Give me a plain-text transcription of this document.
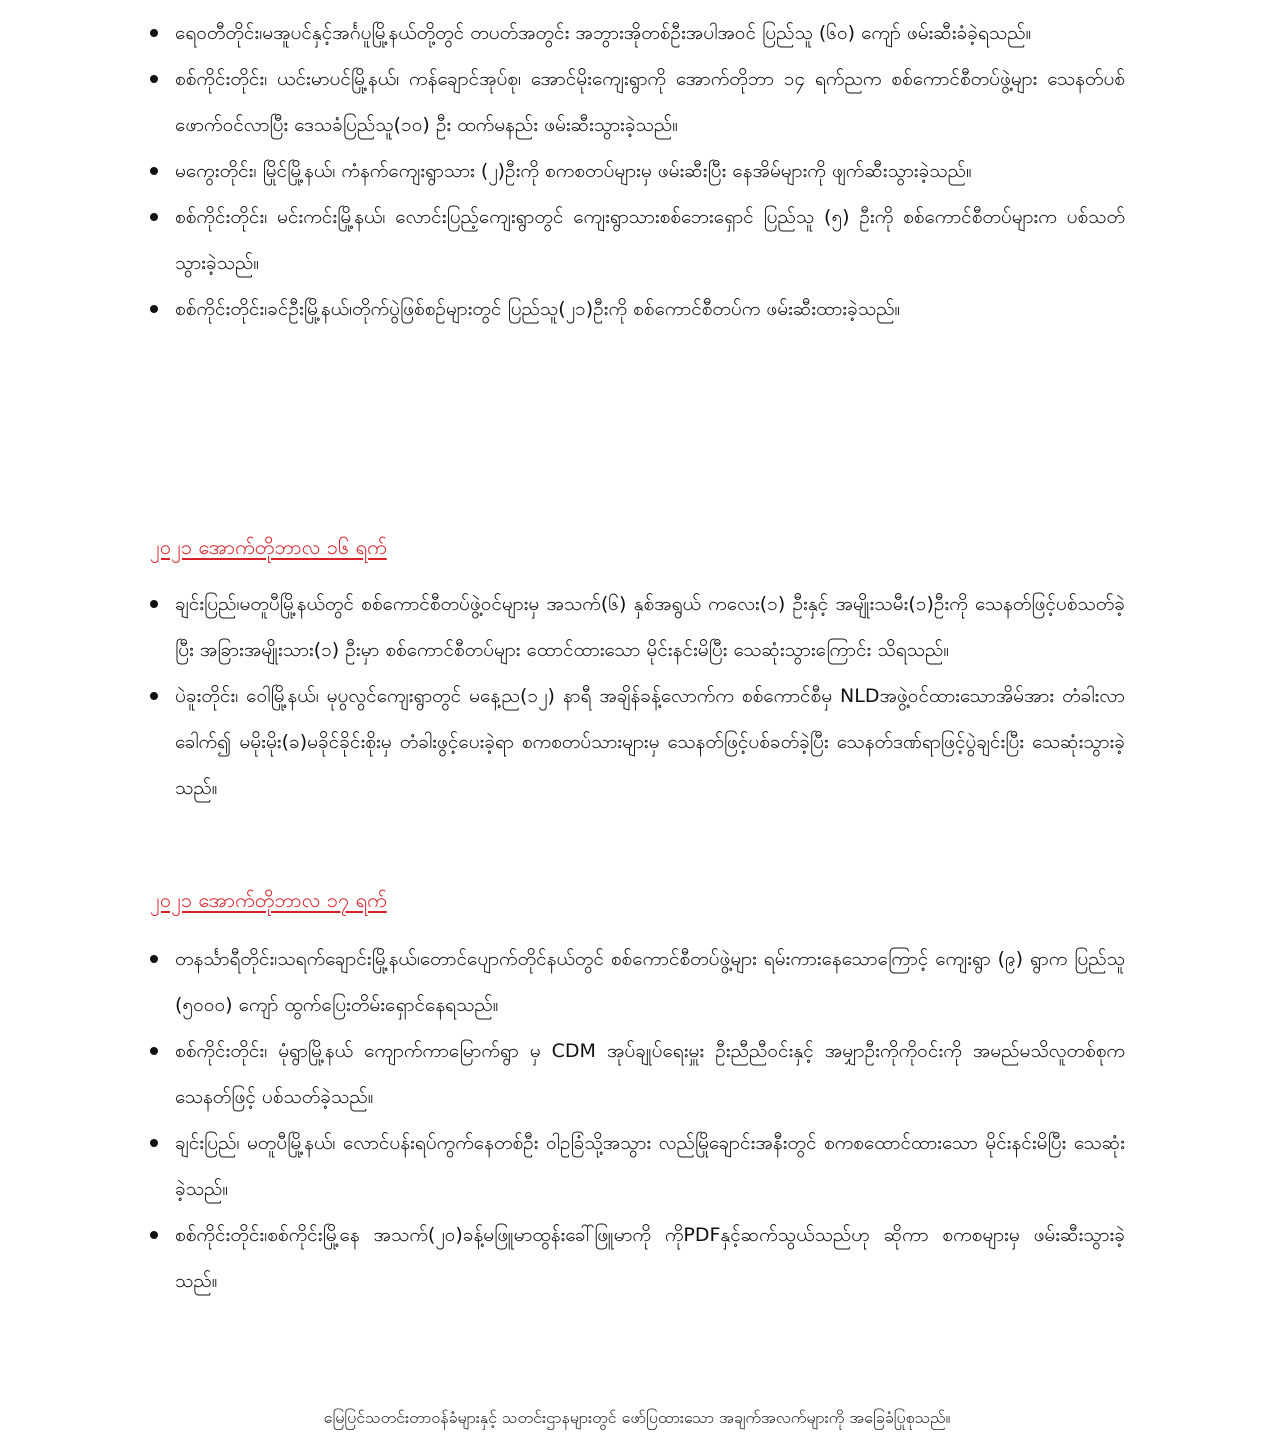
ရေဝတီတိုင်း၊မအူပင်နှင့်အင်္ဂပူမြို့နယ်တို့တွင် တပတ်အတွင်း အဘွားအိုတစ်ဦးအပါအဝင် ပြည်သူ (၆၀) ကျော် ဖမ်းဆီးခံခဲ့ရသည်။
စစ်ကိုင်းတိုင်း၊ ယင်းမာပင်မြို့နယ်၊ ကန်ချောင်အုပ်စု၊ အောင်မိုးကျေးရွာကို အောက်တိုဘာ ၁၄ ရက်ညက စစ်ကောင်စီတပ်ဖွဲ့များ သေနတ်ပစ်ဖောက်ဝင်လာပြီး ဒေသခံပြည်သူ(၁၀) ဦး ထက်မနည်း ဖမ်းဆီးသွားခဲ့သည်။
မကွေးတိုင်း၊ မြိုင်မြို့နယ်၊ ကံနက်ကျေးရွာသား (၂)ဦးကို စကစတပ်များမှ ဖမ်းဆီးပြီး နေအိမ်များကို ဖျက်ဆီးသွားခဲ့သည်။
စစ်ကိုင်းတိုင်း၊ မင်းကင်းမြို့နယ်၊ လောင်းပြည့်ကျေးရွာတွင် ကျေးရွာသားစစ်ဘေးရှောင် ပြည်သူ (၅) ဦးကို စစ်ကောင်စီတပ်များက ပစ်သတ်သွားခဲ့သည်။
စစ်ကိုင်းတိုင်း၊ခင်ဦးမြို့နယ်၊တိုက်ပွဲဖြစ်စဉ်များတွင် ပြည်သူ(၂၁)ဦးကို စစ်ကောင်စီတပ်က ဖမ်းဆီးထားခဲ့သည်။
၂၀၂၁ အောက်တိုဘာလ ၁၆ ရက်
ချင်းပြည်၊မတူပီမြို့နယ်တွင် စစ်ကောင်စီတပ်ဖွဲ့ဝင်များမှ အသက်(၆) နှစ်အရွယ် ကလေး(၁) ဦးနှင့် အမျိုးသမီး(၁)ဦးကို သေနတ်ဖြင့်ပစ်သတ်ခဲ့ပြီး အခြားအမျိုးသား(၁) ဦးမှာ စစ်ကောင်စီတပ်များ ထောင်ထားသော မိုင်းနင်းမိပြီး သေဆုံးသွားကြောင်း သိရသည်။
ပဲခူးတိုင်း၊ ဝေါမြို့နယ်၊ မုပွလွင်ကျေးရွာတွင် မနေ့ည(၁၂) နာရီ အချိန်ခန့်လောက်က စစ်ကောင်စီမှ NLDအဖွဲ့ဝင်ထားသောအိမ်အား တံခါးလာခေါက်၍ မမိုးမိုး(ခ)မခိုင်ခိုင်းစိုးမှ တံခါးဖွင့်ပေးခဲ့ရာ စကစတပ်သားများမှ သေနတ်ဖြင့်ပစ်ခတ်ခဲ့ပြီး သေနတ်ဒဏ်ရာဖြင့်ပွဲချင်းပြီး သေဆုံးသွားခဲ့သည်။
၂၀၂၁ အောက်တိုဘာလ ၁၇ ရက်
တနင်္သာရီတိုင်း၊သရက်ချောင်းမြို့နယ်၊တောင်ပျောက်တိုင်နယ်တွင် စစ်ကောင်စီတပ်ဖွဲ့များ ရမ်းကားနေသောကြောင့် ကျေးရွာ (၉) ရွာက ပြည်သူ (၅၀၀၀) ကျော် ထွက်ပြေးတိမ်းရှောင်နေရသည်။
စစ်ကိုင်းတိုင်း၊ မုံရွာမြို့နယ် ကျောက်ကာမြောက်ရွာ မှ CDM အုပ်ချုပ်ရေးမှူး ဦးညီညီဝင်းနှင့် အမျှာဦးကိုကိုဝင်းကို အမည်မသိလူတစ်စုက သေနတ်ဖြင့် ပစ်သတ်ခဲ့သည်။
ချင်းပြည်၊ မတူပီမြို့နယ်၊ လောင်ပန်းရပ်ကွက်နေတစ်ဦး ဝါဥခြံသို့အသွား လည်မြိုချောင်းအနီးတွင် စကစထောင်ထားသော မိုင်းနင်းမိပြီး သေဆုံးခဲ့သည်။
စစ်ကိုင်းတိုင်း၊စစ်ကိုင်းမြို့နေ အသက်(၂၀)ခန့်မဖြူမာထွန်းခေါ်ဖြူမာကို ကိုPDFနှင့်ဆက်သွယ်သည်ဟု ဆိုကာ စကစများမှ ဖမ်းဆီးသွားခဲ့သည်။
မြေပြင်သတင်းတာဝန်ခံများနှင့် သတင်းဌာနများတွင် ဖော်ပြထားသော အချက်အလက်များကို အခြေခံပြုစုသည်။
